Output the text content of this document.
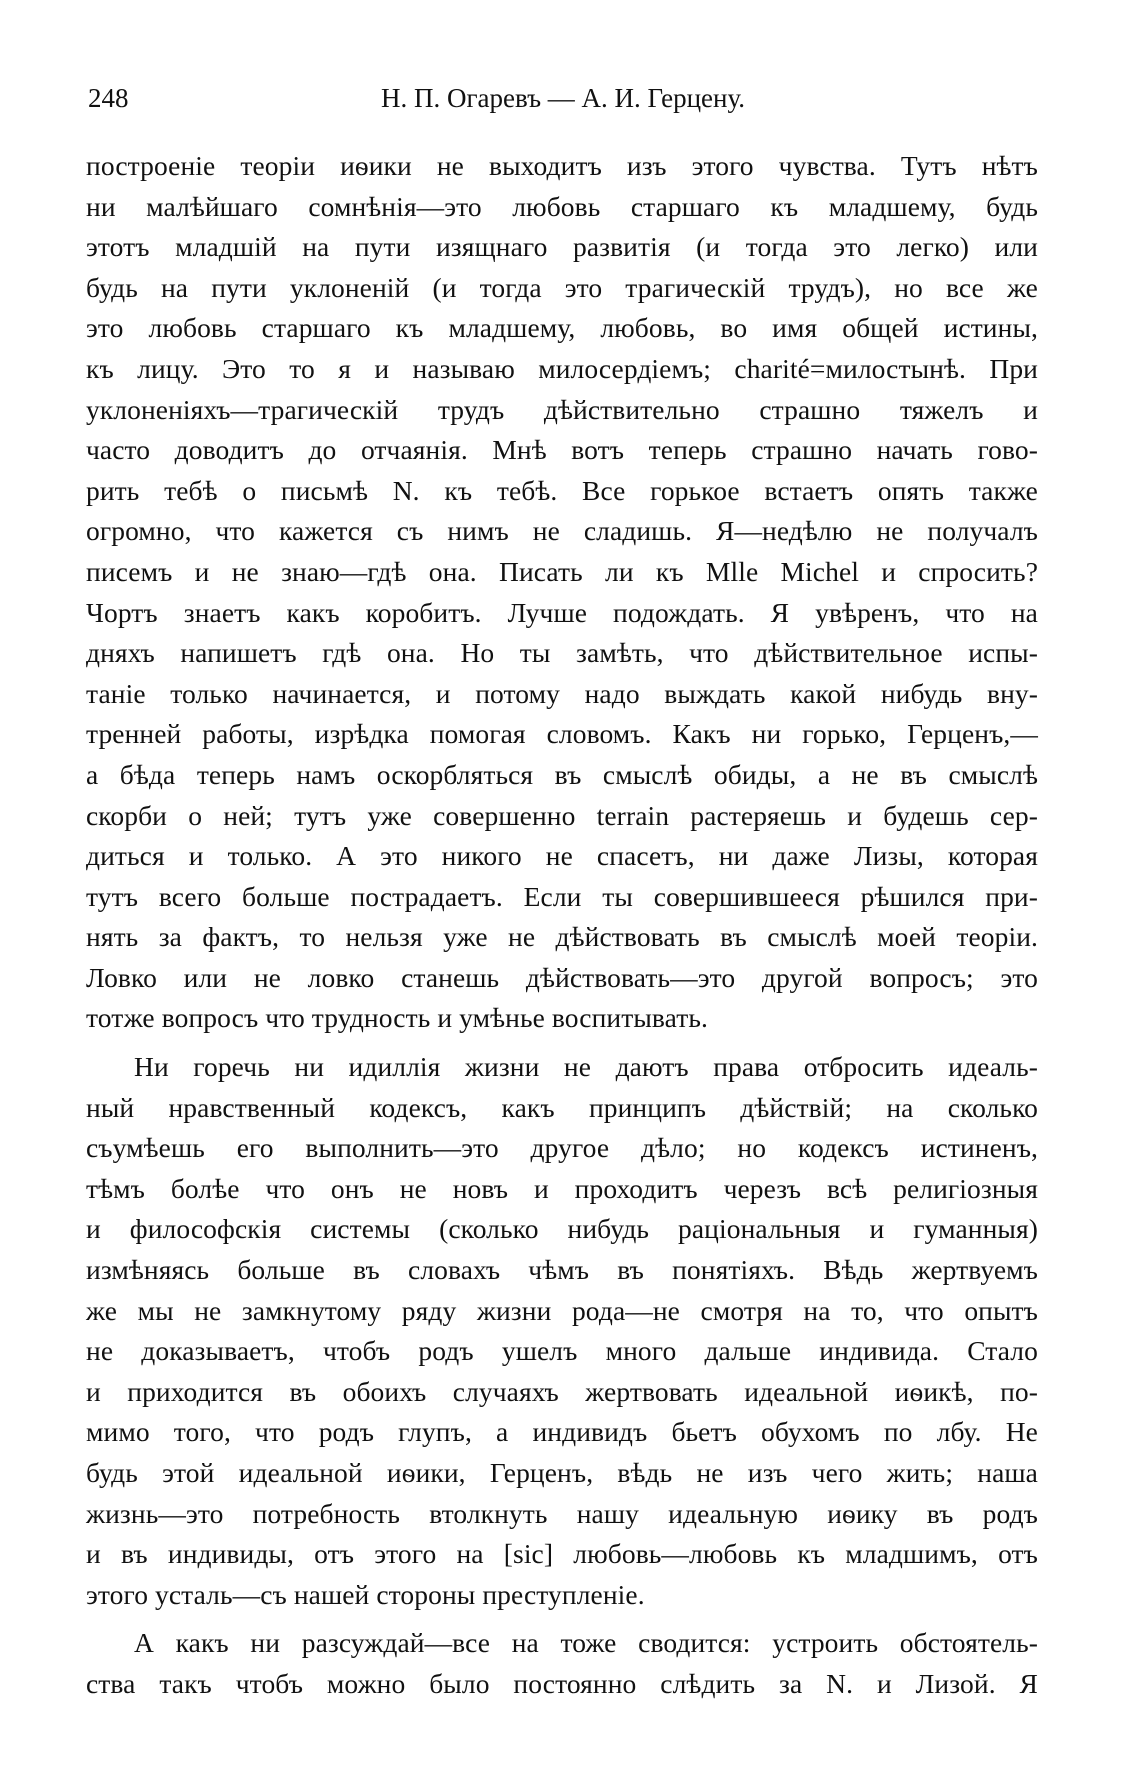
248	Н. П. Огаревъ — А. И. Герцену.
построеніе теоріи иѳики не выходитъ изъ этого чувства. Тутъ нѣтъ
ни малѣйшаго сомнѣнія—это любовь старшаго къ младшему, будь
этотъ младшій на пути изящнаго развитія (и тогда это легко) или
будь на пути уклоненій (и тогда это трагическій трудъ), но все же
это любовь старшаго къ младшему, любовь, во имя общей истины,
къ лицу. Это то я и называю милосердіемъ; charité=милостынѣ. При
уклоненіяхъ—трагическій трудъ дѣйствительно страшно тяжелъ и
часто доводитъ до отчаянія. Мнѣ вотъ теперь страшно начать гово-
рить тебѣ о письмѣ N. къ тебѣ. Все горькое встаетъ опять также
огромно, что кажется съ нимъ не сладишь. Я—недѣлю не получалъ
писемъ и не знаю—гдѣ она. Писать ли къ Mlle Michel и спросить?
Чортъ знаетъ какъ коробитъ. Лучше подождать. Я увѣренъ, что на
дняхъ напишетъ гдѣ она. Но ты замѣть, что дѣйствительное испы-
таніе только начинается, и потому надо выждать какой нибудь вну-
тренней работы, изрѣдка помогая словомъ. Какъ ни горько, Герценъ,—
а бѣда теперь намъ оскорбляться въ смыслѣ обиды, а не въ смыслѣ
скорби о ней; тутъ уже совершенно terrain растеряешь и будешь сер-
диться и только. А это никого не спасетъ, ни даже Лизы, которая
тутъ всего больше пострадаетъ. Если ты совершившееся рѣшился при-
нять за фактъ, то нельзя уже не дѣйствовать въ смыслѣ моей теоріи.
Ловко или не ловко станешь дѣйствовать—это другой вопросъ; это
тотже вопросъ что трудность и умѣнье воспитывать.
Ни горечь ни идиллія жизни не даютъ права отбросить идеаль-
ный нравственный кодексъ, какъ принципъ дѣйствій; на сколько
съумѣешь его выполнить—это другое дѣло; но кодексъ истиненъ,
тѣмъ болѣе что онъ не новъ и проходитъ черезъ всѣ религіозныя
и философскія системы (сколько нибудь раціональныя и гуманныя)
измѣняясь больше въ словахъ чѣмъ въ понятіяхъ. Вѣдь жертвуемъ
же мы не замкнутому ряду жизни рода—не смотря на то, что опытъ
не доказываетъ, чтобъ родъ ушелъ много дальше индивида. Стало
и приходится въ обоихъ случаяхъ жертвовать идеальной иѳикѣ, по-
мимо того, что родъ глупъ, а индивидъ бьетъ обухомъ по лбу. Не
будь этой идеальной иѳики, Герценъ, вѣдь не изъ чего жить; наша
жизнь—это потребность втолкнуть нашу идеальную иѳику въ родъ
и въ индивиды, отъ этого на [sic] любовь—любовь къ младшимъ, отъ
этого усталь—съ нашей стороны преступленіе.
А какъ ни разсуждай—все на тоже сводится: устроить обстоятель-
ства такъ чтобъ можно было постоянно слѣдить за N. и Лизой. Я
